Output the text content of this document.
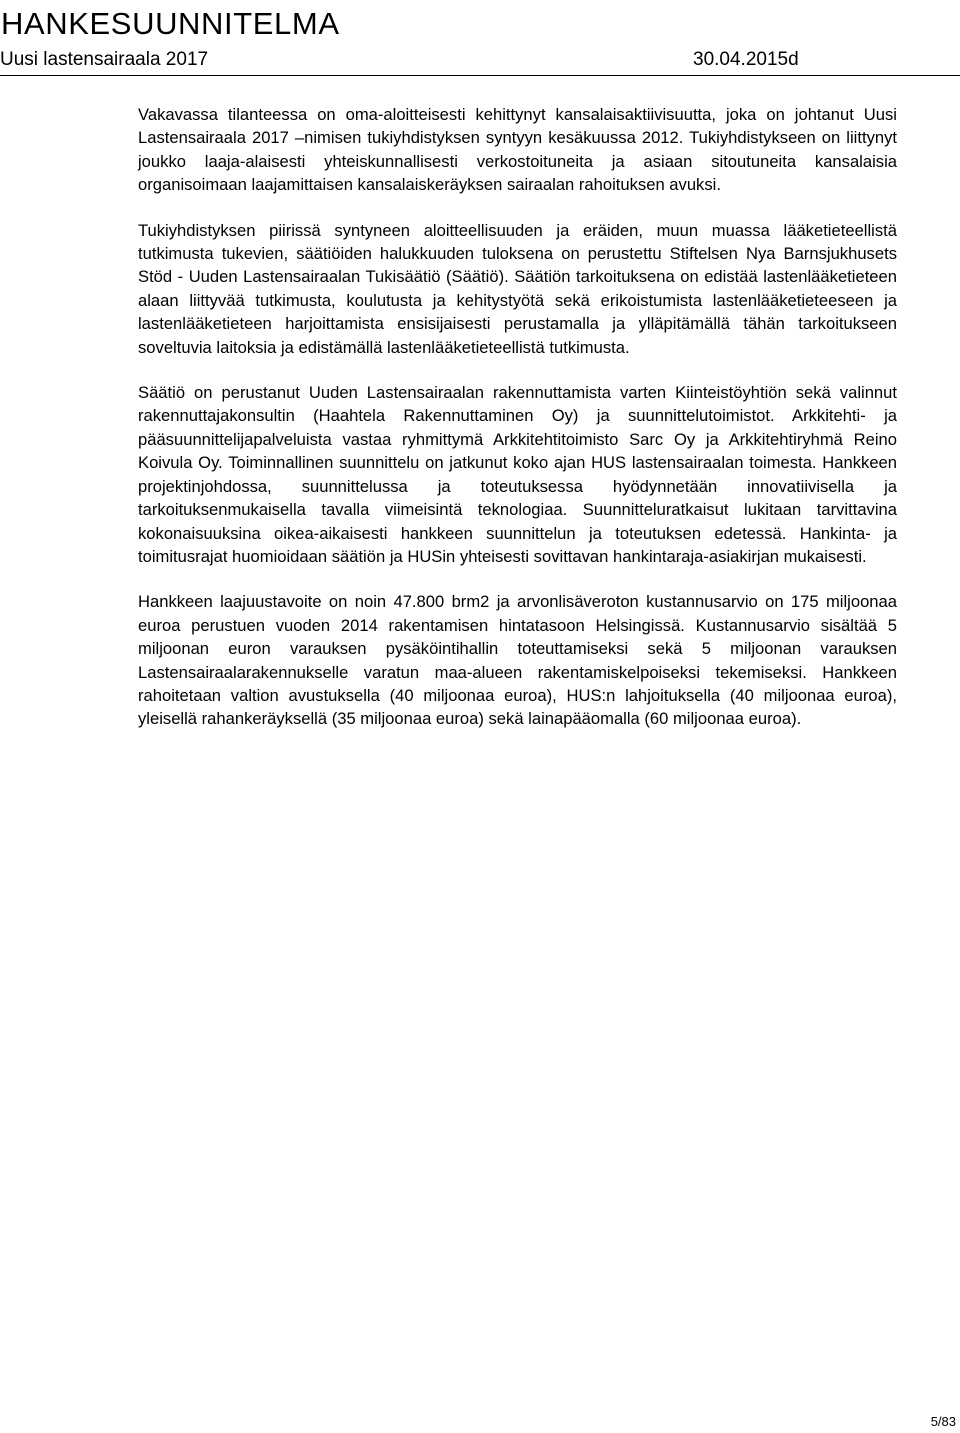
HANKESUUNNITELMA
Uusi lastensairaala 2017	30.04.2015d

Vakavassa tilanteessa on oma-aloitteisesti kehittynyt kansalaisaktiivisuutta, joka on johtanut Uusi Lastensairaala 2017 –nimisen tukiyhdistyksen syntyyn kesäkuussa 2012. Tukiyhdistykseen on liittynyt joukko laaja-alaisesti yhteiskunnallisesti verkostoituneita ja asiaan sitoutuneita kansalaisia organisoimaan laajamittaisen kansalaiskeräyksen sairaalan rahoituksen avuksi.

Tukiyhdistyksen piirissä syntyneen aloitteellisuuden ja eräiden, muun muassa lääketieteellistä tutkimusta tukevien, säätiöiden halukkuuden tuloksena on perustettu Stiftelsen Nya Barnsjukhusets Stöd - Uuden Lastensairaalan Tukisäätiö (Säätiö). Säätiön tarkoituksena on edistää lastenlääketieteen alaan liittyvää tutkimusta, koulutusta ja kehitystyötä sekä erikoistumista lastenlääketieteeseen ja lastenlääketieteen harjoittamista ensisijaisesti perustamalla ja ylläpitämällä tähän tarkoitukseen soveltuvia laitoksia ja edistämällä lastenlääketieteellistä tutkimusta.

Säätiö on perustanut Uuden Lastensairaalan rakennuttamista varten Kiinteistöyhtiön sekä valinnut rakennuttajakonsultin (Haahtela Rakennuttaminen Oy) ja suunnittelutoimistot. Arkkitehti- ja pääsuunnittelijapalveluista vastaa ryhmittymä Arkkitehtitoimisto Sarc Oy ja Arkkitehtiryhmä Reino Koivula Oy. Toiminnallinen suunnittelu on jatkunut koko ajan HUS lastensairaalan toimesta. Hankkeen projektinjohdossa, suunnittelussa ja toteutuksessa hyödynnetään innovatiivisella ja tarkoituksenmukaisella tavalla viimeisintä teknologiaa. Suunnitteluratkaisut lukitaan tarvittavina kokonaisuuksina oikea-aikaisesti hankkeen suunnittelun ja toteutuksen edetessä. Hankinta- ja toimitusrajat huomioidaan säätiön ja HUSin yhteisesti sovittavan hankintaraja-asiakirjan mukaisesti.

Hankkeen laajuustavoite on noin 47.800 brm2 ja arvonlisäveroton kustannusarvio on 175 miljoonaa euroa perustuen vuoden 2014 rakentamisen hintatasoon Helsingissä. Kustannusarvio sisältää 5 miljoonan euron varauksen pysäköintihallin toteuttamiseksi sekä 5 miljoonan varauksen Lastensairaalarakennukselle varatun maa-alueen rakentamiskelpoiseksi tekemiseksi. Hankkeen rahoitetaan valtion avustuksella (40 miljoonaa euroa), HUS:n lahjoituksella (40 miljoonaa euroa), yleisellä rahankeräyksellä (35 miljoonaa euroa) sekä lainapääomalla (60 miljoonaa euroa).

5/83
